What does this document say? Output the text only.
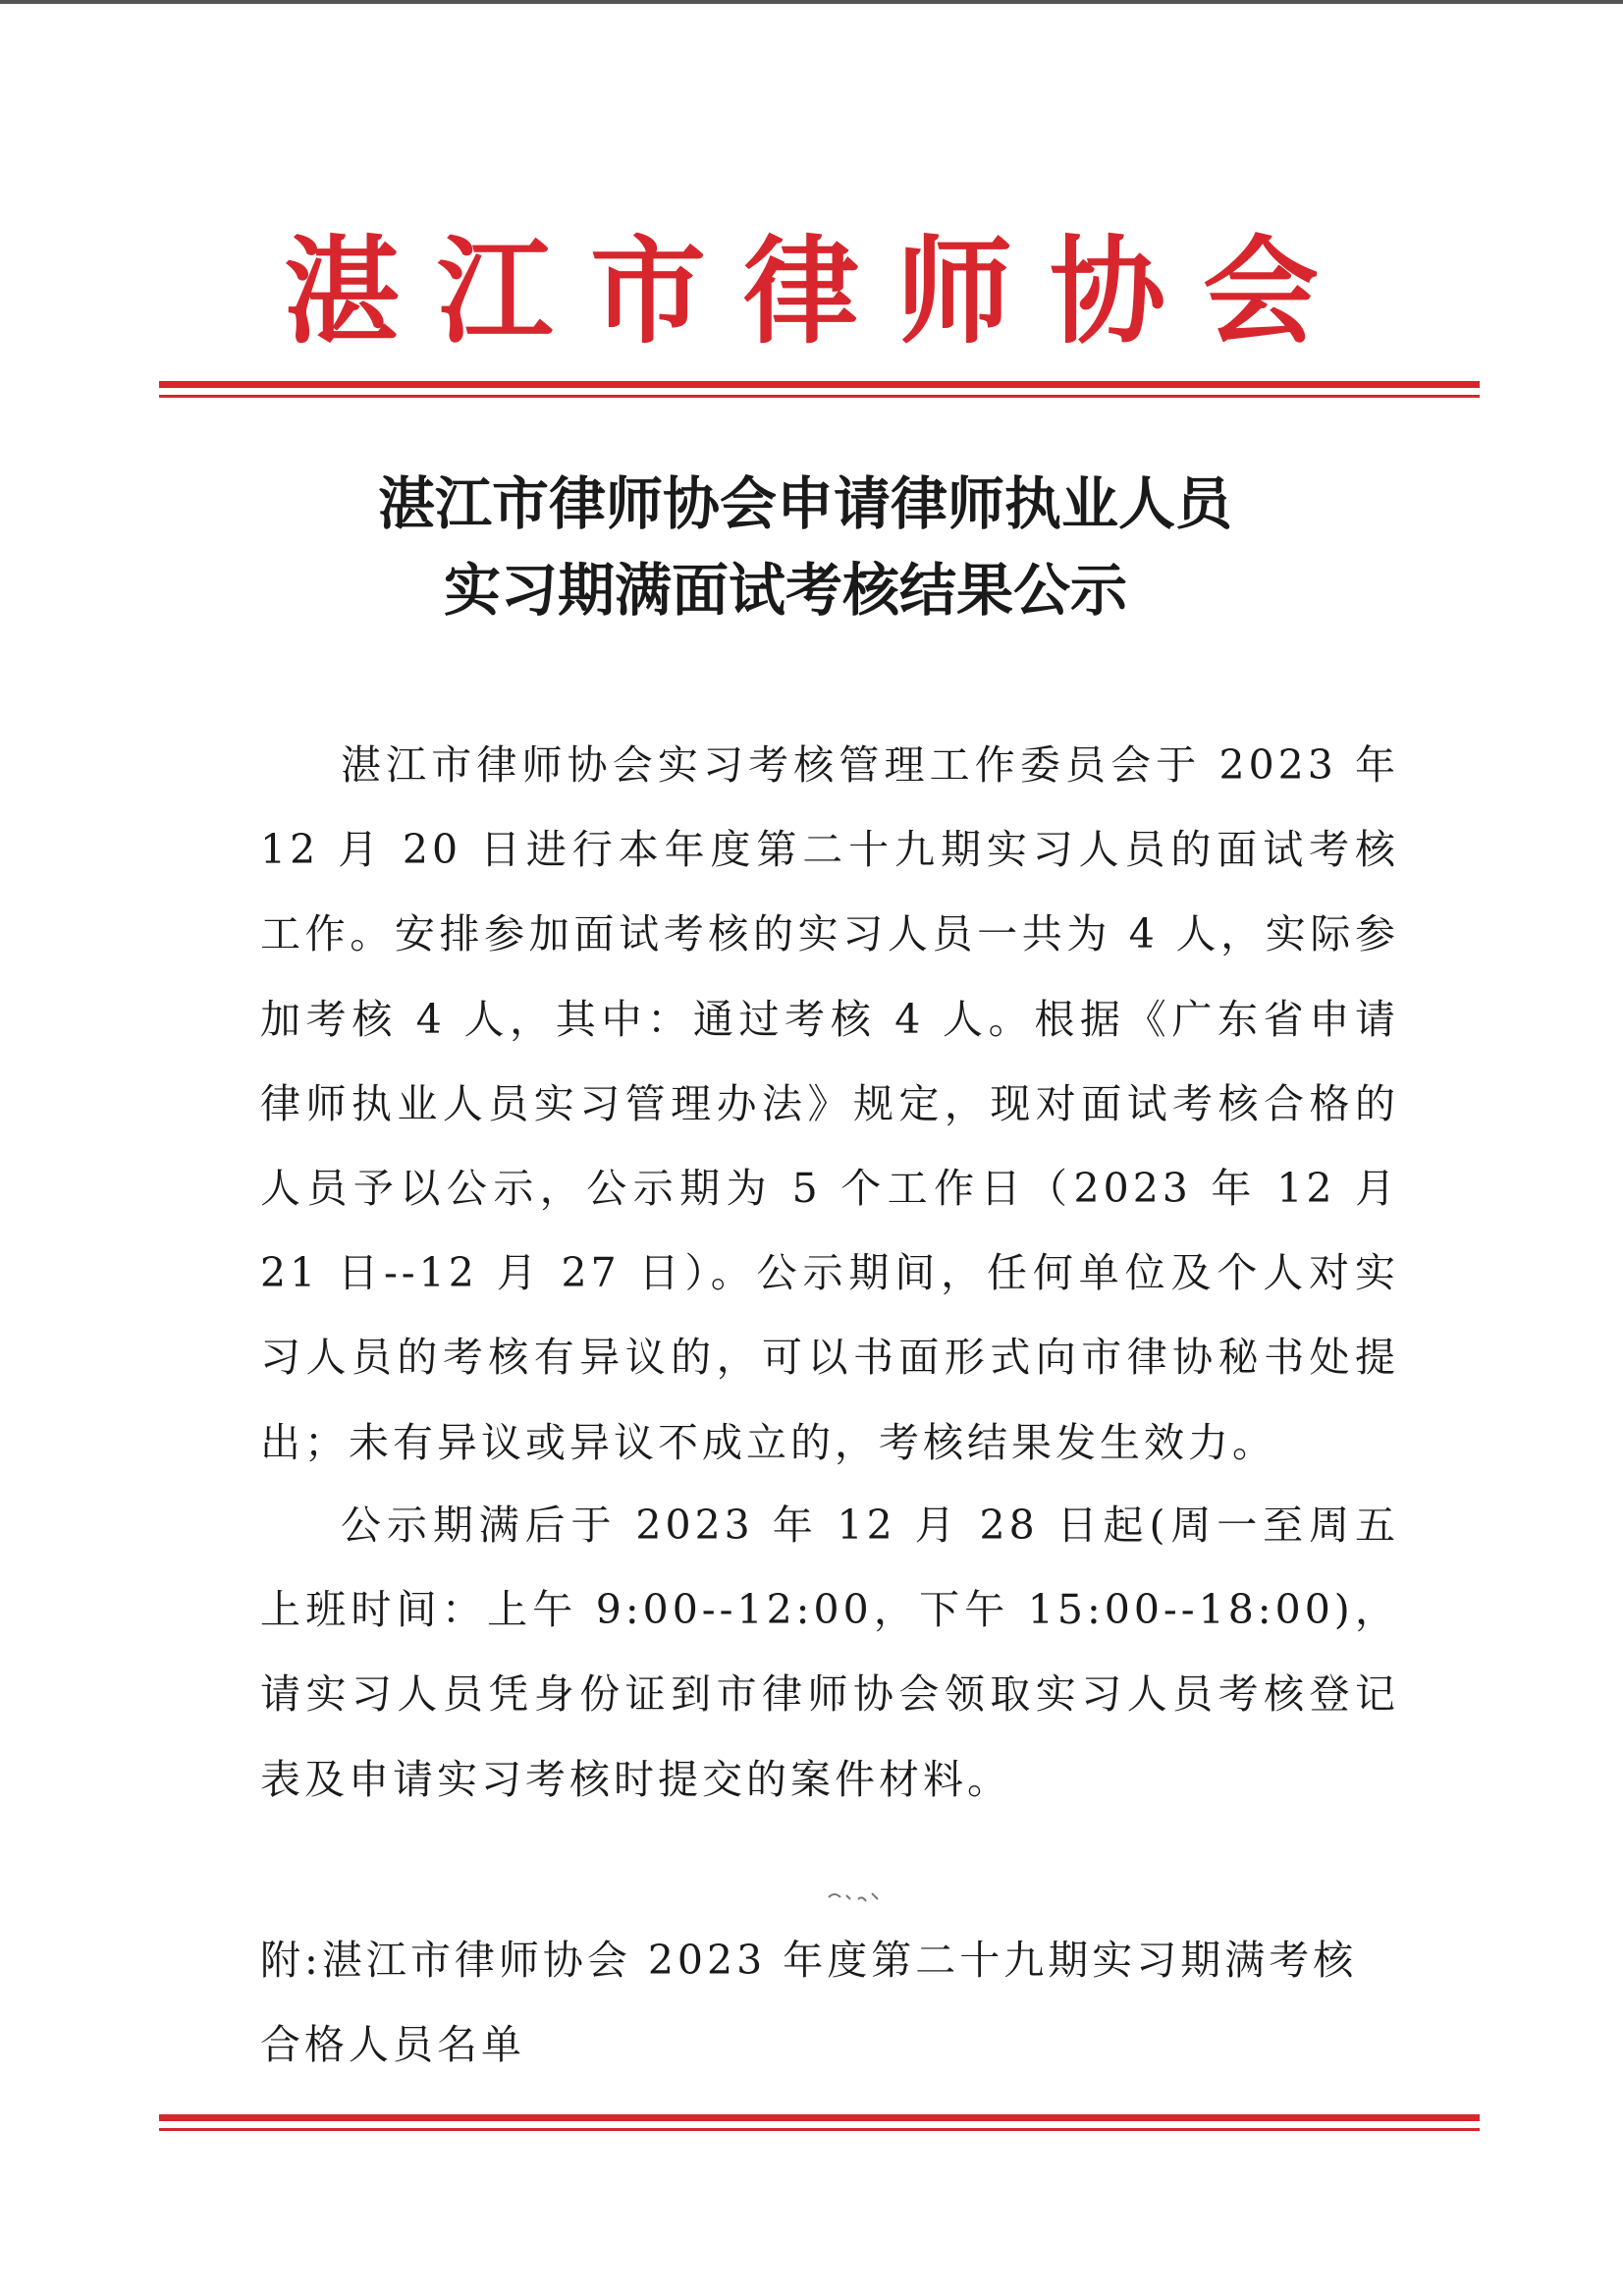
湛江市律师协会
湛江市律师协会申请律师执业人员
实习期满面试考核结果公示

湛江市律师协会实习考核管理工作委员会于 2023 年 12 月 20 日进行本年度第二十九期实习人员的面试考核工作。安排参加面试考核的实习人员一共为 4 人，实际参加考核 4 人，其中：通过考核 4 人。根据《广东省申请律师执业人员实习管理办法》规定，现对面试考核合格的人员予以公示，公示期为 5 个工作日（2023 年 12 月 21 日--12 月 27 日）。公示期间，任何单位及个人对实习人员的考核有异议的，可以书面形式向市律协秘书处提出；未有异议或异议不成立的，考核结果发生效力。

公示期满后于 2023 年 12 月 28 日起(周一至周五上班时间：上午 9:00--12:00，下午 15:00--18:00)，请实习人员凭身份证到市律师协会领取实习人员考核登记表及申请实习考核时提交的案件材料。

附:湛江市律师协会 2023 年度第二十九期实习期满考核合格人员名单
